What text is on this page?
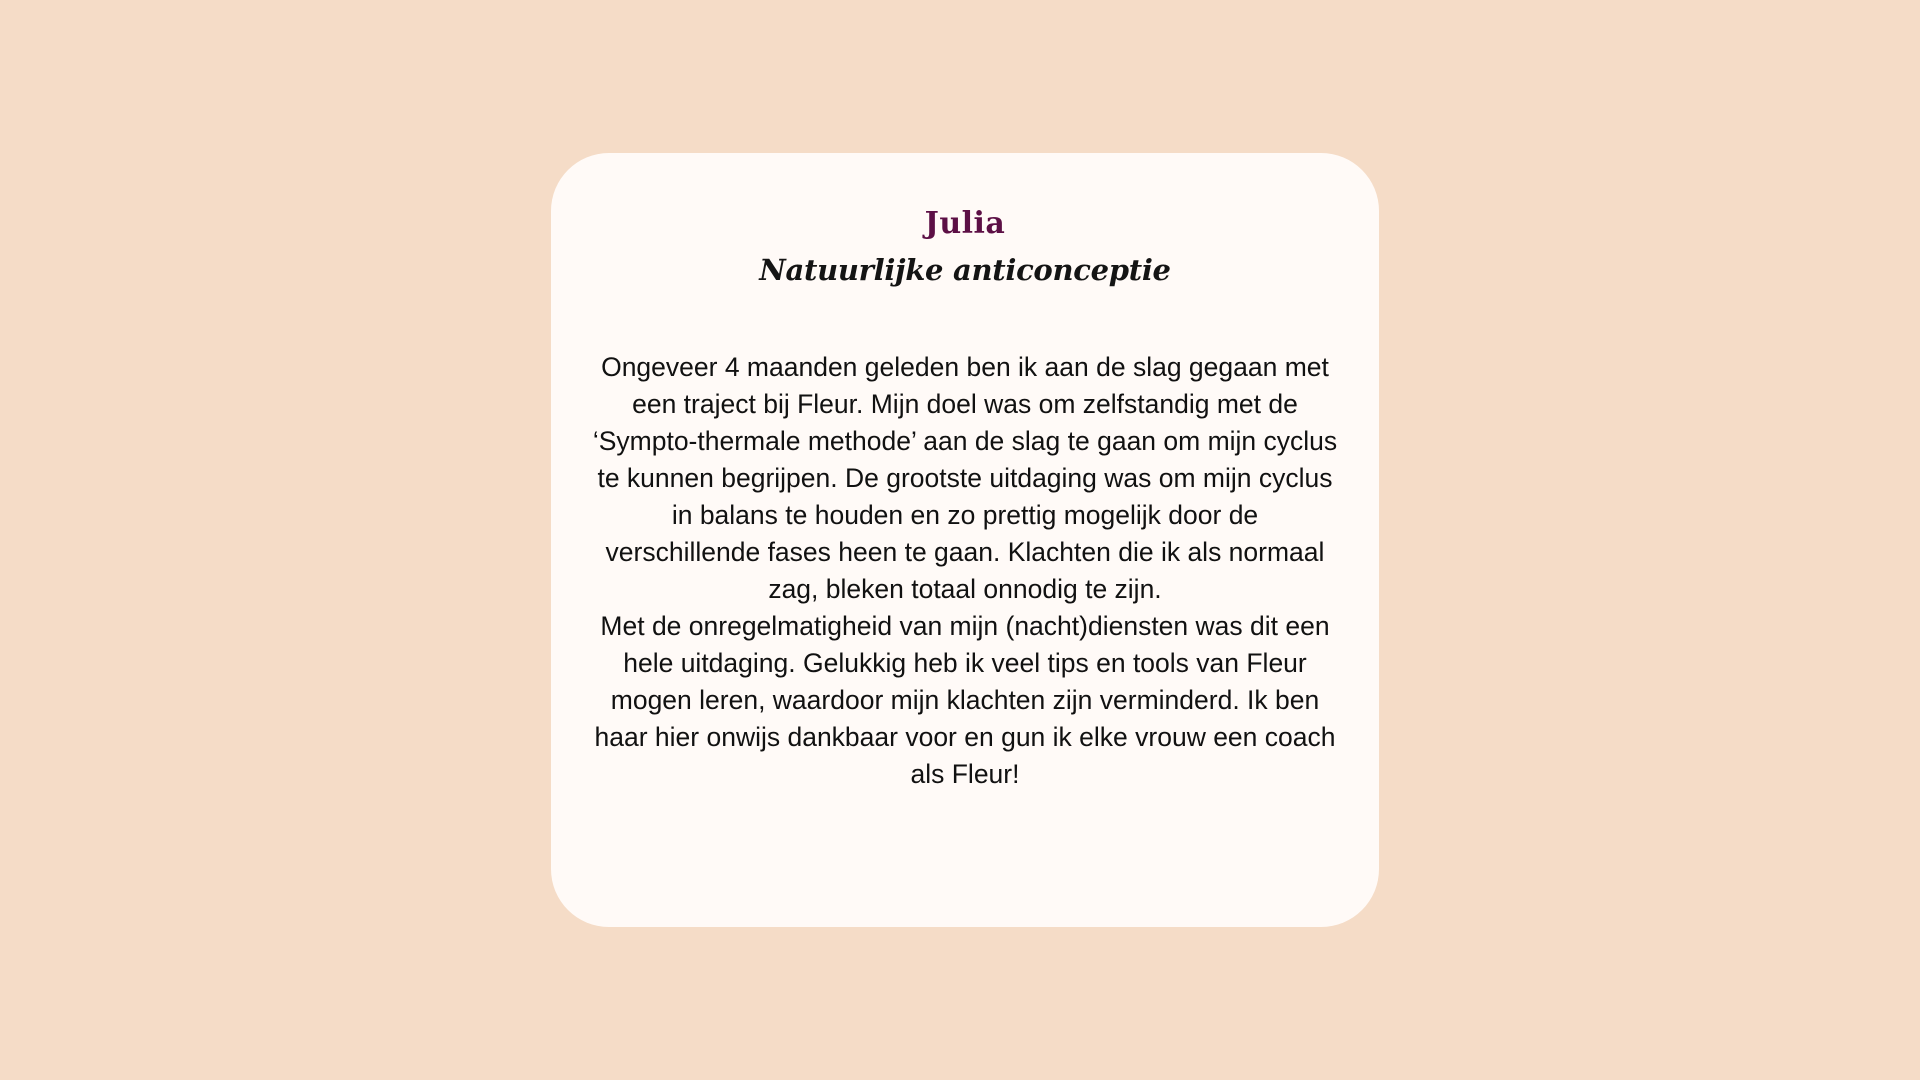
Julia
Natuurlijke anticonceptie

Ongeveer 4 maanden geleden ben ik aan de slag gegaan met een traject bij Fleur. Mijn doel was om zelfstandig met de ‘Sympto-thermale methode’ aan de slag te gaan om mijn cyclus te kunnen begrijpen. De grootste uitdaging was om mijn cyclus in balans te houden en zo prettig mogelijk door de verschillende fases heen te gaan. Klachten die ik als normaal zag, bleken totaal onnodig te zijn.

Met de onregelmatigheid van mijn (nacht)diensten was dit een hele uitdaging. Gelukkig heb ik veel tips en tools van Fleur mogen leren, waardoor mijn klachten zijn verminderd. Ik ben haar hier onwijs dankbaar voor en gun ik elke vrouw een coach als Fleur!
